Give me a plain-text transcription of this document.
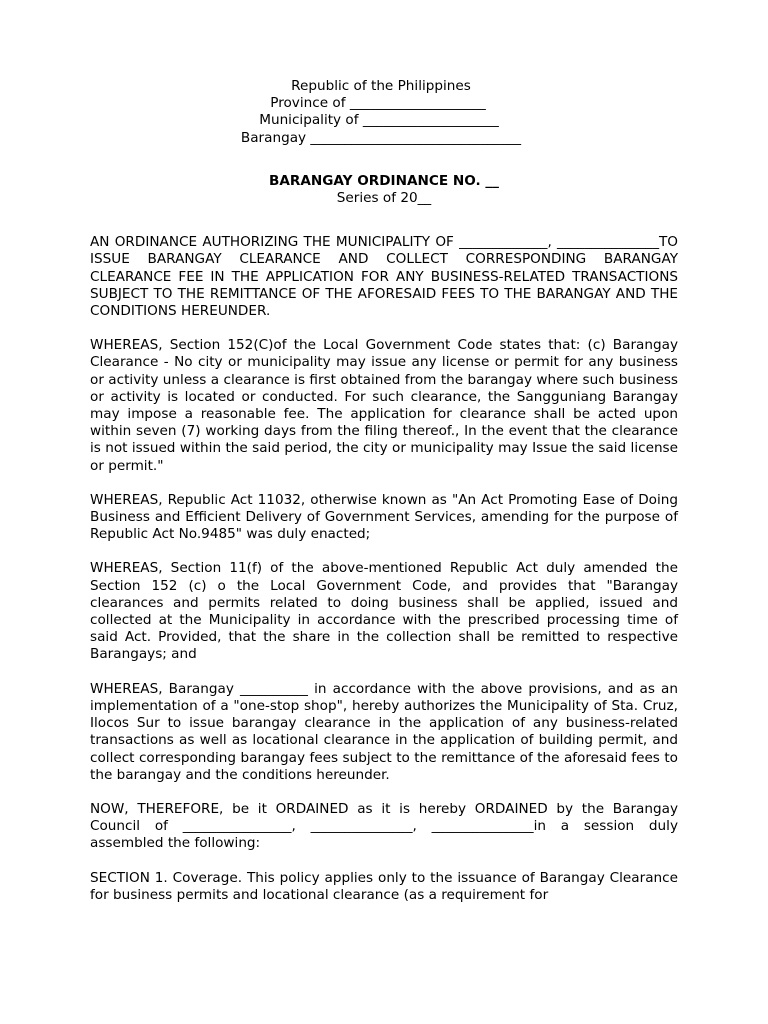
Republic of the Philippines
Province of ____________________
Municipality of ____________________
Barangay _______________________________
BARANGAY ORDINANCE NO. __
Series of 20__
AN ORDINANCE AUTHORIZING THE MUNICIPALITY OF _____________, _______________TO ISSUE BARANGAY CLEARANCE AND COLLECT CORRESPONDING BARANGAY CLEARANCE FEE IN THE APPLICATION FOR ANY BUSINESS-RELATED TRANSACTIONS SUBJECT TO THE REMITTANCE OF THE AFORESAID FEES TO THE BARANGAY AND THE CONDITIONS HEREUNDER.
WHEREAS, Section 152(C)of the Local Government Code states that: (c) Barangay Clearance - No city or municipality may issue any license or permit for any business or activity unless a clearance is first obtained from the barangay where such business or activity is located or conducted. For such clearance, the Sangguniang Barangay may impose a reasonable fee. The application for clearance shall be acted upon within seven (7) working days from the filing thereof., In the event that the clearance is not issued within the said period, the city or municipality may Issue the said license or permit."
WHEREAS, Republic Act 11032, otherwise known as "An Act Promoting Ease of Doing Business and Efficient Delivery of Government Services, amending for the purpose of Republic Act No.9485" was duly enacted;
WHEREAS, Section 11(f) of the above-mentioned Republic Act duly amended the Section 152 (c) o the Local Government Code, and provides that "Barangay clearances and permits related to doing business shall be applied, issued and collected at the Municipality in accordance with the prescribed processing time of said Act. Provided, that the share in the collection shall be remitted to respective Barangays; and
WHEREAS, Barangay __________ in accordance with the above provisions, and as an implementation of a "one-stop shop", hereby authorizes the Municipality of Sta. Cruz, Ilocos Sur to issue barangay clearance in the application of any business-related transactions as well as locational clearance in the application of building permit, and collect corresponding barangay fees subject to the remittance of the aforesaid fees to the barangay and the conditions hereunder.
NOW, THEREFORE, be it ORDAINED as it is hereby ORDAINED by the Barangay Council of ________________, _______________, _______________in a session duly assembled the following:
SECTION 1. Coverage. This policy applies only to the issuance of Barangay Clearance for business permits and locational clearance (as a requirement for
